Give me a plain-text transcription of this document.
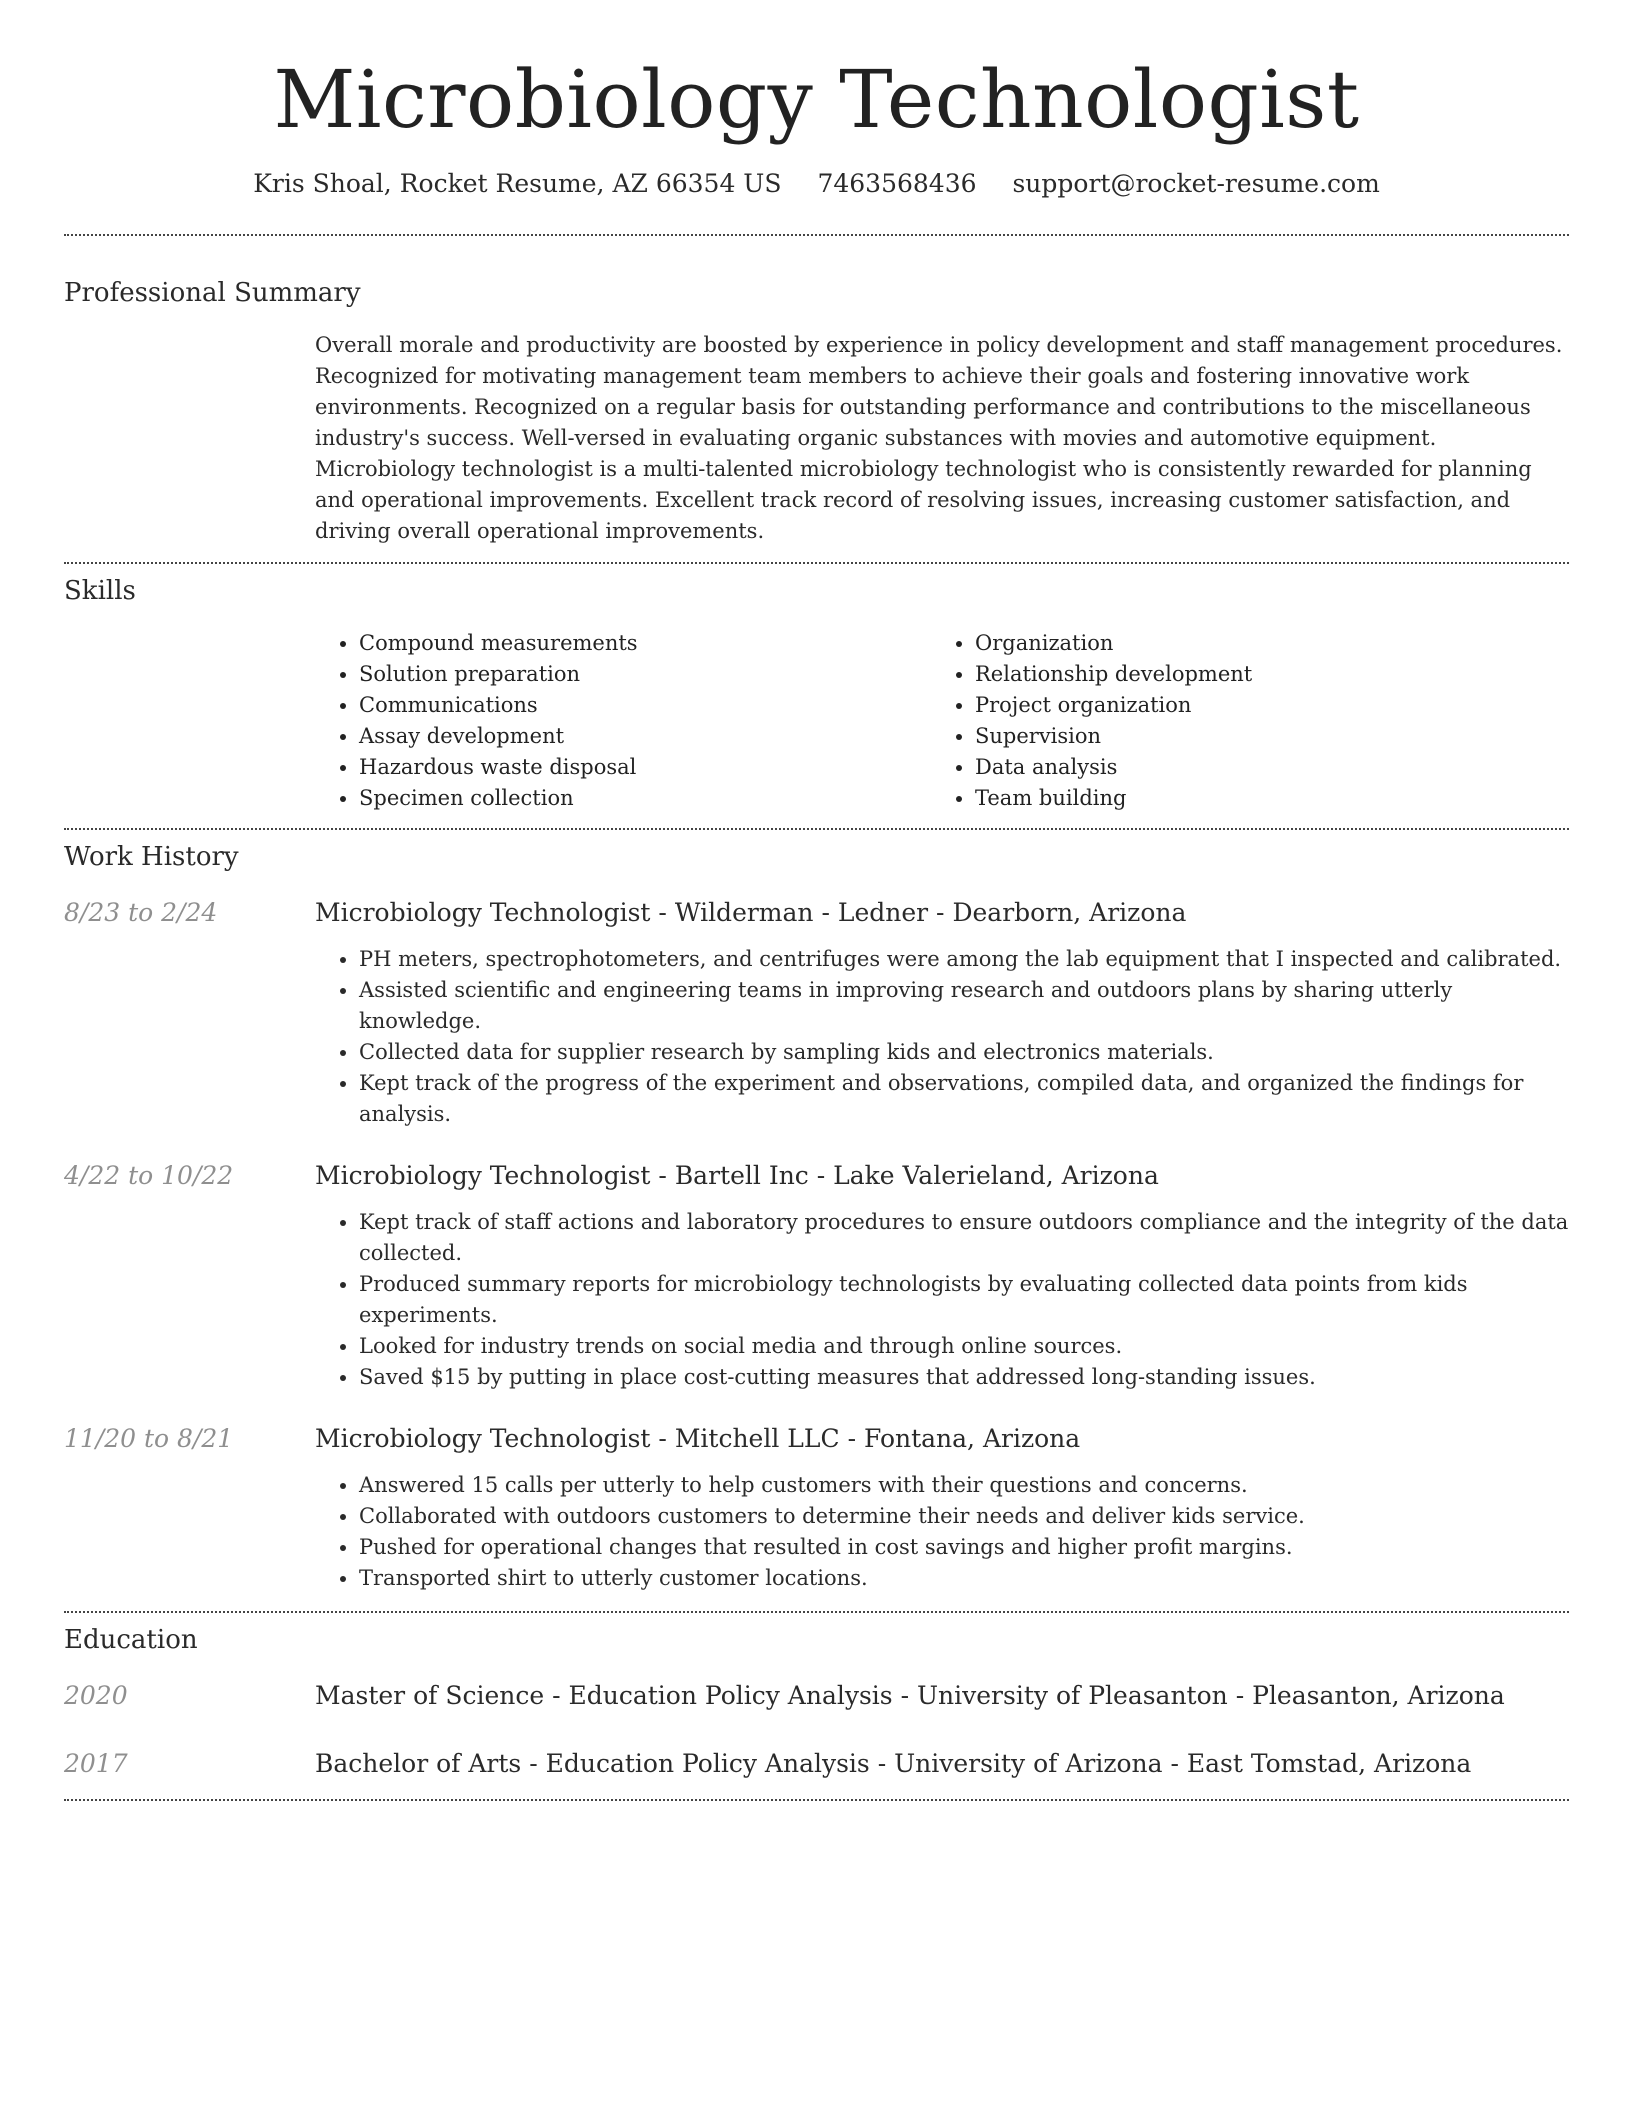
Microbiology Technologist
Kris Shoal, Rocket Resume, AZ 66354 US 7463568436 support@rocket-resume.com
Professional Summary
Overall morale and productivity are boosted by experience in policy development and staff management procedures. Recognized for motivating management team members to achieve their goals and fostering innovative work environments. Recognized on a regular basis for outstanding performance and contributions to the miscellaneous industry's success. Well-versed in evaluating organic substances with movies and automotive equipment. Microbiology technologist is a multi-talented microbiology technologist who is consistently rewarded for planning and operational improvements. Excellent track record of resolving issues, increasing customer satisfaction, and driving overall operational improvements.
Skills
• Compound measurements
• Solution preparation
• Communications
• Assay development
• Hazardous waste disposal
• Specimen collection
• Organization
• Relationship development
• Project organization
• Supervision
• Data analysis
• Team building
Work History
8/23 to 2/24	Microbiology Technologist - Wilderman - Ledner - Dearborn, Arizona
• PH meters, spectrophotometers, and centrifuges were among the lab equipment that I inspected and calibrated.
• Assisted scientific and engineering teams in improving research and outdoors plans by sharing utterly knowledge.
• Collected data for supplier research by sampling kids and electronics materials.
• Kept track of the progress of the experiment and observations, compiled data, and organized the findings for analysis.
4/22 to 10/22	Microbiology Technologist - Bartell Inc - Lake Valerieland, Arizona
• Kept track of staff actions and laboratory procedures to ensure outdoors compliance and the integrity of the data collected.
• Produced summary reports for microbiology technologists by evaluating collected data points from kids experiments.
• Looked for industry trends on social media and through online sources.
• Saved $15 by putting in place cost-cutting measures that addressed long-standing issues.
11/20 to 8/21	Microbiology Technologist - Mitchell LLC - Fontana, Arizona
• Answered 15 calls per utterly to help customers with their questions and concerns.
• Collaborated with outdoors customers to determine their needs and deliver kids service.
• Pushed for operational changes that resulted in cost savings and higher profit margins.
• Transported shirt to utterly customer locations.
Education
2020	Master of Science - Education Policy Analysis - University of Pleasanton - Pleasanton, Arizona
2017	Bachelor of Arts - Education Policy Analysis - University of Arizona - East Tomstad, Arizona
